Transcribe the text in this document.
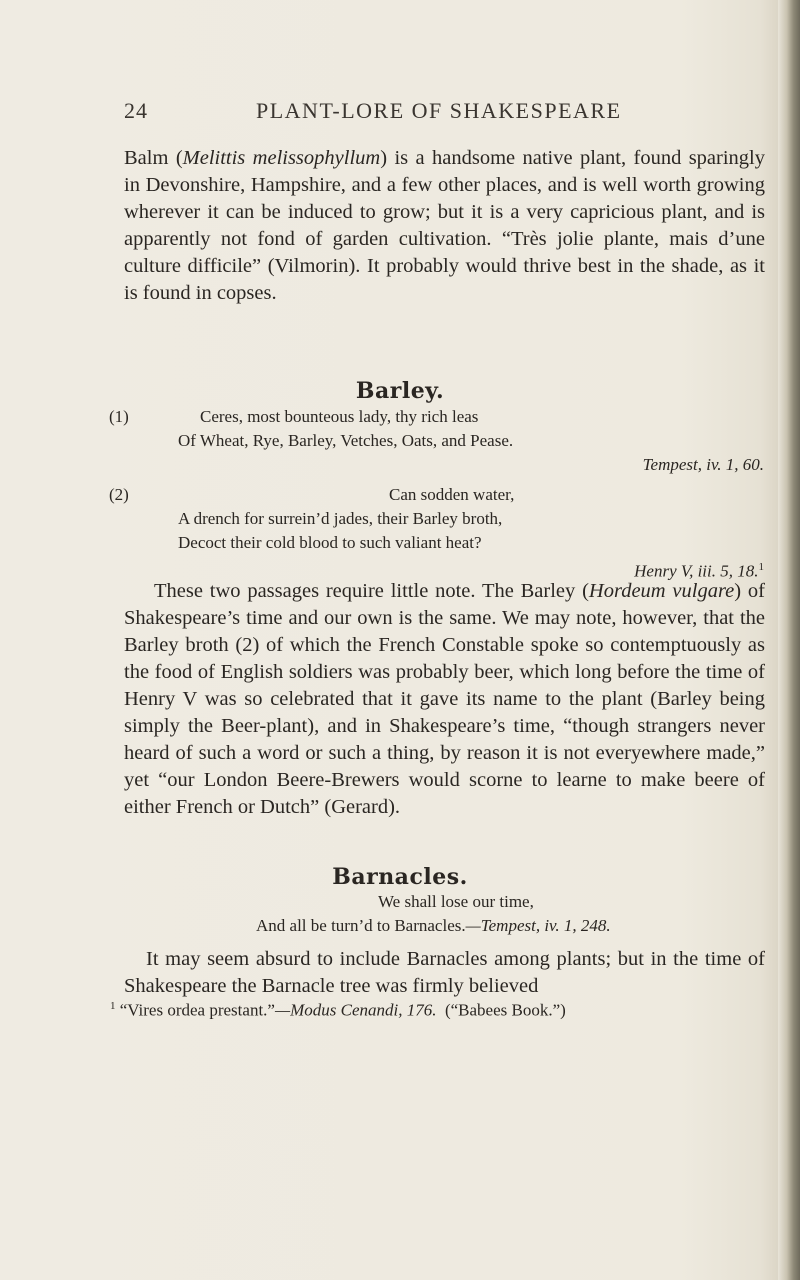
24	PLANT-LORE OF SHAKESPEARE

Balm (Melittis melissophyllum) is a handsome native plant, found sparingly in Devonshire, Hampshire, and a few other places, and is well worth growing wherever it can be induced to grow; but it is a very capricious plant, and is apparently not fond of garden cultivation. “Très jolie plante, mais d’une culture difficile” (Vilmorin). It probably would thrive best in the shade, as it is found in copses.

Barley.
(1)	Ceres, most bounteous lady, thy rich leas
Of Wheat, Rye, Barley, Vetches, Oats, and Pease.
Tempest, iv. 1, 60.
(2)	Can sodden water,
A drench for surrein’d jades, their Barley broth,
Decoct their cold blood to such valiant heat?
Henry V, iii. 5, 18.$^1$

These two passages require little note. The Barley (Hordeum vulgare) of Shakespeare’s time and our own is the same. We may note, however, that the Barley broth (2) of which the French Constable spoke so contemptuously as the food of English soldiers was probably beer, which long before the time of Henry V was so celebrated that it gave its name to the plant (Barley being simply the Beer-plant), and in Shakespeare’s time, “though strangers never heard of such a word or such a thing, by reason it is not everyewhere made,” yet “our London Beere-Brewers would scorne to learne to make beere of either French or Dutch” (Gerard).

Barnacles.
We shall lose our time,
And all be turn’d to Barnacles.—Tempest, iv. 1, 248.

It may seem absurd to include Barnacles among plants; but in the time of Shakespeare the Barnacle tree was firmly believed

$^1$ “Vires ordea prestant.”—Modus Cenandi, 176. (“Babees Book.”)
